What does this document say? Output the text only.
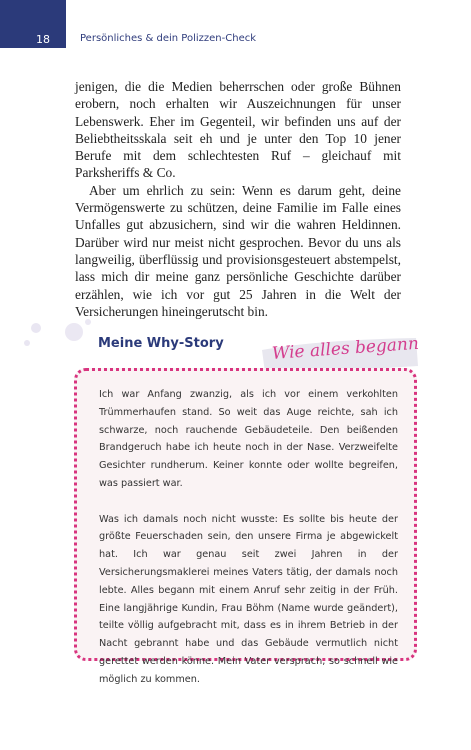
18	Persönliches & dein Polizzen-Check

jenigen, die die Medien beherrschen oder große Bühnen erobern, noch erhalten wir Auszeichnungen für unser Lebenswerk. Eher im Gegenteil, wir befinden uns auf der Beliebtheitsskala seit eh und je unter den Top 10 jener Berufe mit dem schlechtesten Ruf – gleichauf mit Parksheriffs & Co.

Aber um ehrlich zu sein: Wenn es darum geht, deine Vermögenswerte zu schützen, deine Familie im Falle eines Unfalles gut abzusichern, sind wir die wahren Heldinnen. Darüber wird nur meist nicht gesprochen. Bevor du uns als langweilig, überflüssig und provisionsgesteuert abstempelst, lass mich dir meine ganz persönliche Geschichte darüber erzählen, wie ich vor gut 25 Jahren in die Welt der Versicherungen hineingerutscht bin.

Meine Why-Story	Wie alles begann

Ich war Anfang zwanzig, als ich vor einem verkohlten Trümmerhaufen stand. So weit das Auge reichte, sah ich schwarze, noch rauchende Gebäudeteile. Den beißenden Brandgeruch habe ich heute noch in der Nase. Verzweifelte Gesichter rundherum. Keiner konnte oder wollte begreifen, was passiert war.

Was ich damals noch nicht wusste: Es sollte bis heute der größte Feuerschaden sein, den unsere Firma je abgewickelt hat. Ich war genau seit zwei Jahren in der Versicherungsmaklerei meines Vaters tätig, der damals noch lebte. Alles begann mit einem Anruf sehr zeitig in der Früh. Eine langjährige Kundin, Frau Böhm (Name wurde geändert), teilte völlig aufgebracht mit, dass es in ihrem Betrieb in der Nacht gebrannt habe und das Gebäude vermutlich nicht gerettet werden könne. Mein Vater versprach, so schnell wie möglich zu kommen.
